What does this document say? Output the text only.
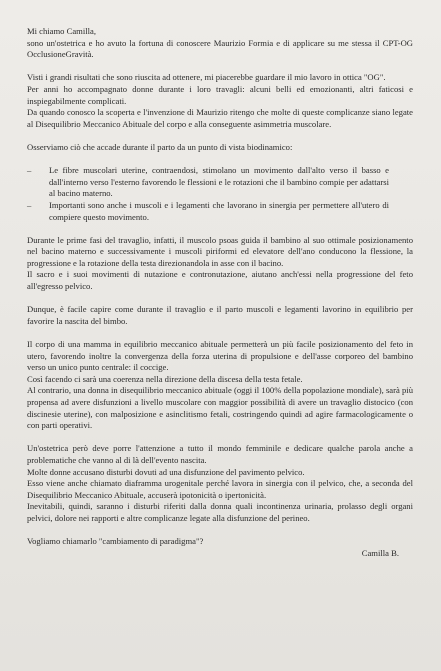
Mi chiamo Camilla,
sono un'ostetrica e ho avuto la fortuna di conoscere Maurizio Formia e di applicare su me stessa il CPT-OG OcclusioneGravità.

Visti i grandi risultati che sono riuscita ad ottenere, mi piacerebbe guardare il mio lavoro in ottica "OG".
Per anni ho accompagnato donne durante i loro travagli: alcuni belli ed emozionanti, altri faticosi e inspiegabilmente complicati.
Da quando conosco la scoperta e l'invenzione di Maurizio ritengo che molte di queste complicanze siano legate al Disequilibrio Meccanico Abituale del corpo e alla conseguente asimmetria muscolare.

Osserviamo ciò che accade durante il parto da un punto di vista biodinamico:

– Le fibre muscolari uterine, contraendosi, stimolano un movimento dall'alto verso il basso e dall'interno verso l'esterno favorendo le flessioni e le rotazioni che il bambino compie per adattarsi al bacino materno.
– Importanti sono anche i muscoli e i legamenti che lavorano in sinergia per permettere all'utero di compiere questo movimento.

Durante le prime fasi del travaglio, infatti, il muscolo psoas guida il bambino al suo ottimale posizionamento nel bacino materno e successivamente i muscoli piriformi ed elevatore dell'ano conducono la flessione, la progressione e la rotazione della testa direzionandola in asse con il bacino.
Il sacro e i suoi movimenti di nutazione e contronutazione, aiutano anch'essi nella progressione del feto all'egresso pelvico.

Dunque, è facile capire come durante il travaglio e il parto muscoli e legamenti lavorino in equilibrio per favorire la nascita del bimbo.

Il corpo di una mamma in equilibrio meccanico abituale permetterà un più facile posizionamento del feto in utero, favorendo inoltre la convergenza della forza uterina di propulsione e dell'asse corporeo del bambino verso un unico punto centrale: il coccige.
Così facendo ci sarà una coerenza nella direzione della discesa della testa fetale.
Al contrario, una donna in disequilibrio meccanico abituale (oggi il 100% della popolazione mondiale), sarà più propensa ad avere disfunzioni a livello muscolare con maggior possibilità di avere un travaglio distocico (con discinesie uterine), con malposizione e asinclitismo fetali, costringendo quindi ad agire farmacologicamente o con parti operativi.

Un'ostetrica però deve porre l'attenzione a tutto il mondo femminile e dedicare qualche parola anche a problematiche che vanno al di là dell'evento nascita.
Molte donne accusano disturbi dovuti ad una disfunzione del pavimento pelvico.
Esso viene anche chiamato diaframma urogenitale perché lavora in sinergia con il pelvico, che, a seconda del Disequilibrio Meccanico Abituale, accuserà ipotonicità o ipertonicità.
Inevitabili, quindi, saranno i disturbi riferiti dalla donna quali incontinenza urinaria, prolasso degli organi pelvici, dolore nei rapporti e altre complicanze legate alla disfunzione del perineo.

Vogliamo chiamarlo "cambiamento di paradigma"?

Camilla B.
